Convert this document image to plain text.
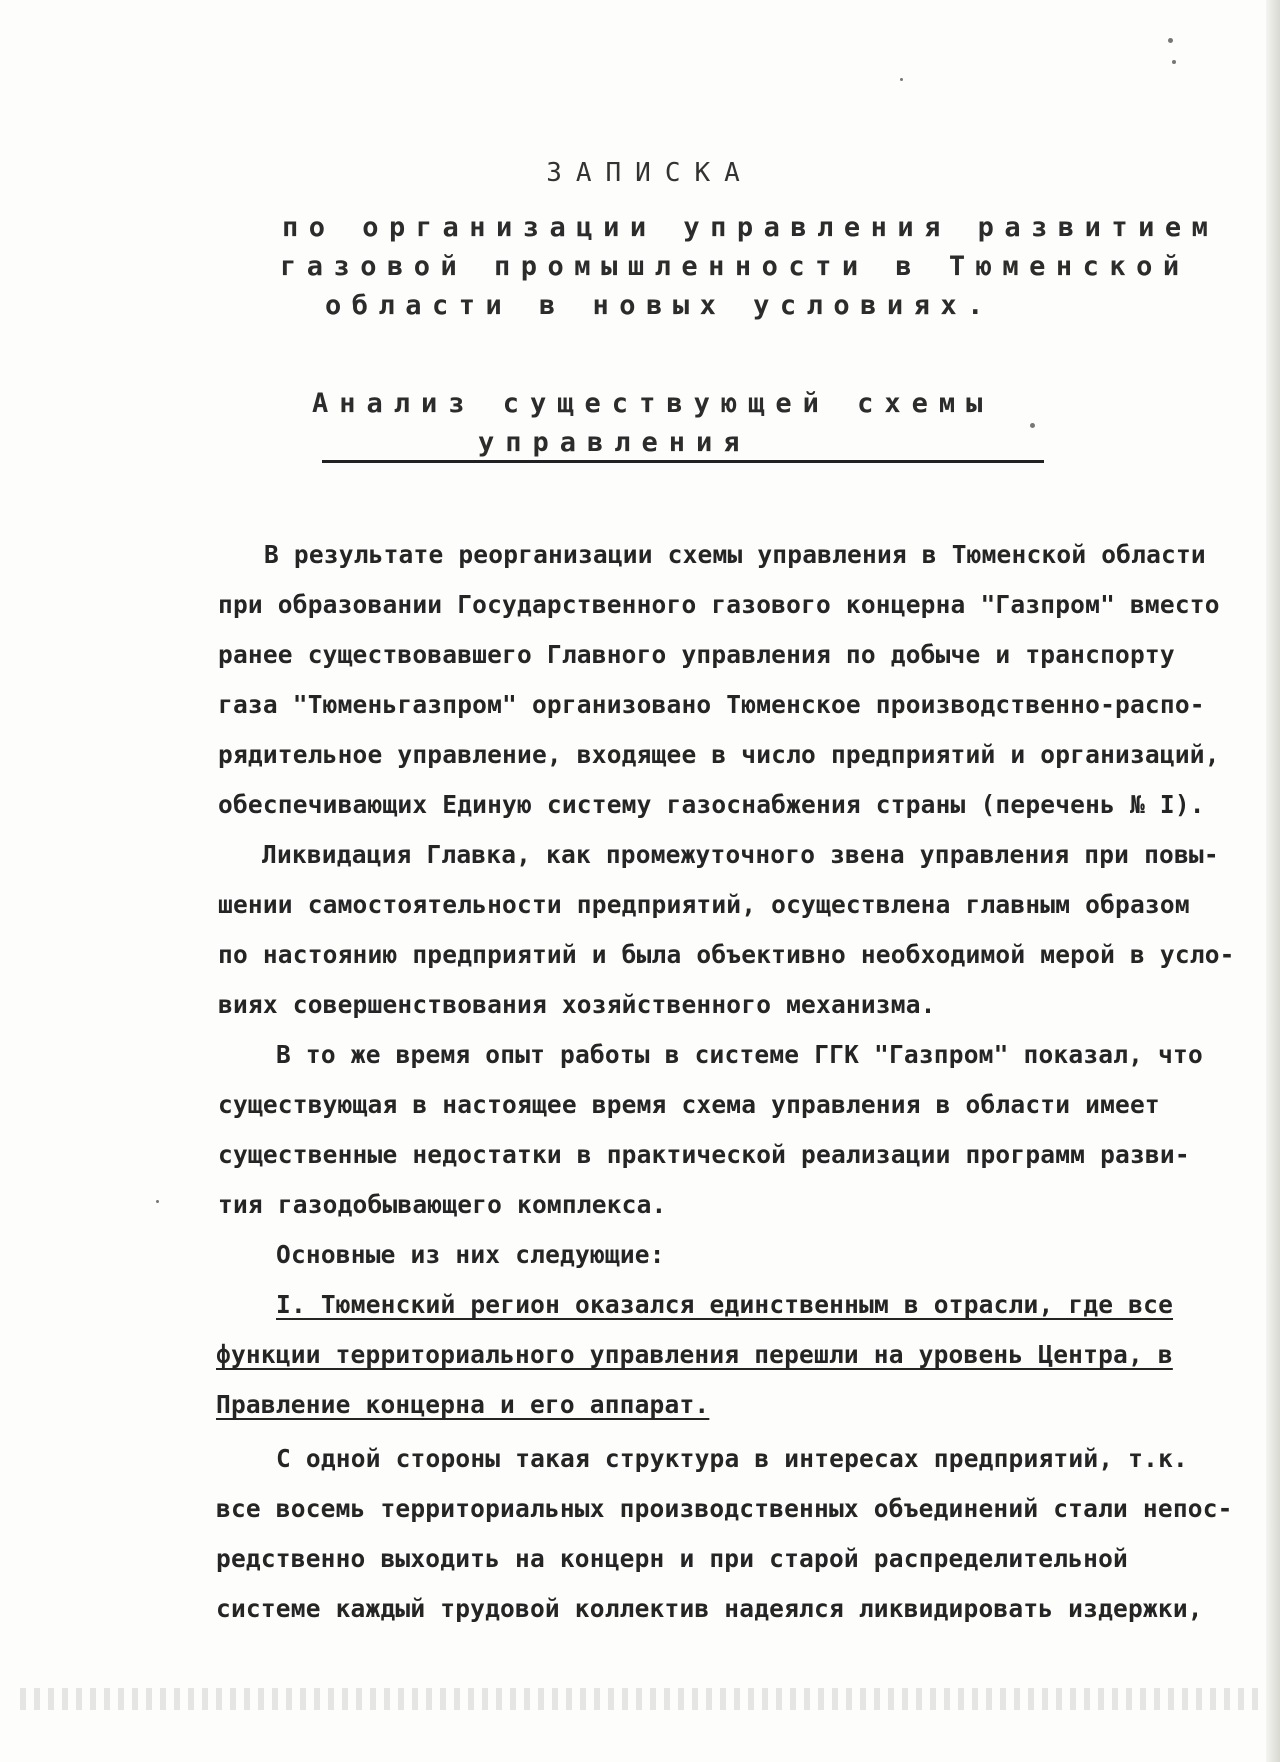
ЗАПИСКА
по организации управления развитием
газовой промышленности в Тюменской
области в новых условиях.
Анализ существующей схемы
управления
В результате реорганизации схемы управления в Тюменской области
при образовании Государственного газового концерна "Газпром" вместо
ранее существовавшего Главного управления по добыче и транспорту
газа "Тюменьгазпром" организовано Тюменское производственно-распо-
рядительное управление, входящее в число предприятий и организаций,
обеспечивающих Единую систему газоснабжения страны (перечень № I).
Ликвидация Главка, как промежуточного звена управления при повы-
шении самостоятельности предприятий, осуществлена главным образом
по настоянию предприятий и была объективно необходимой мерой в усло-
виях совершенствования хозяйственного механизма.
В то же время опыт работы в системе ГГК "Газпром" показал, что
существующая в настоящее время схема управления в области имеет
существенные недостатки в практической реализации программ разви-
тия газодобывающего комплекса.
Основные из них следующие:
I. Тюменский регион оказался единственным в отрасли, где все
функции территориального управления перешли на уровень Центра, в
Правление концерна и его аппарат.
С одной стороны такая структура в интересах предприятий, т.к.
все восемь территориальных производственных объединений стали непос-
редственно выходить на концерн и при старой распределительной
системе каждый трудовой коллектив надеялся ликвидировать издержки,
